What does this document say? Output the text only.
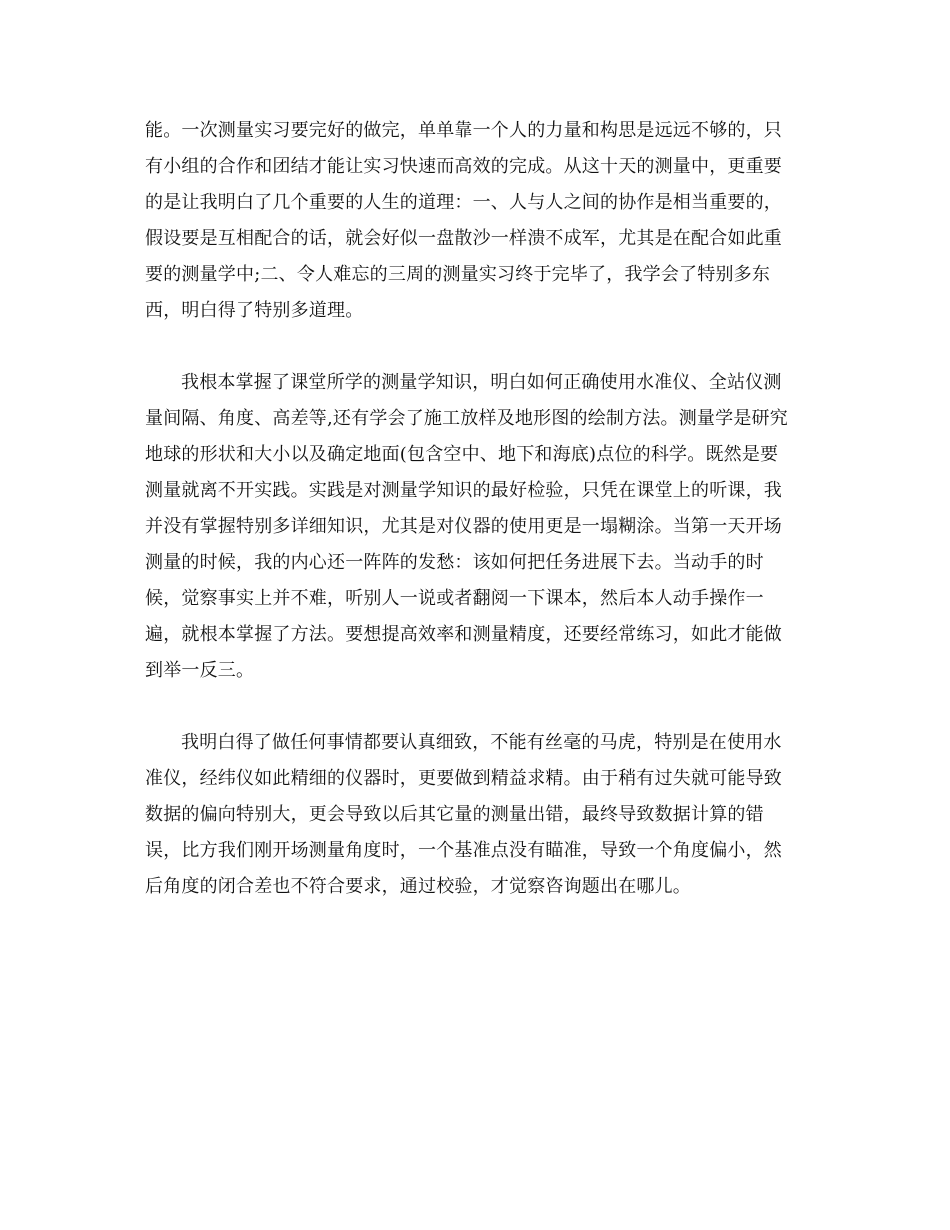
能。一次测量实习要完好的做完，单单靠一个人的力量和构思是远远不够的，只
有小组的合作和团结才能让实习快速而高效的完成。从这十天的测量中，更重要
的是让我明白了几个重要的人生的道理：一、人与人之间的协作是相当重要的，
假设要是互相配合的话，就会好似一盘散沙一样溃不成军，尤其是在配合如此重
要的测量学中;二、令人难忘的三周的测量实习终于完毕了，我学会了特别多东
西，明白得了特别多道理。
我根本掌握了课堂所学的测量学知识，明白如何正确使用水准仪、全站仪测
量间隔、角度、高差等,还有学会了施工放样及地形图的绘制方法。测量学是研究
地球的形状和大小以及确定地面(包含空中、地下和海底)点位的科学。既然是要
测量就离不开实践。实践是对测量学知识的最好检验，只凭在课堂上的听课，我
并没有掌握特别多详细知识，尤其是对仪器的使用更是一塌糊涂。当第一天开场
测量的时候，我的内心还一阵阵的发愁：该如何把任务进展下去。当动手的时
候，觉察事实上并不难，听别人一说或者翻阅一下课本，然后本人动手操作一
遍，就根本掌握了方法。要想提高效率和测量精度，还要经常练习，如此才能做
到举一反三。
我明白得了做任何事情都要认真细致，不能有丝毫的马虎，特别是在使用水
准仪，经纬仪如此精细的仪器时，更要做到精益求精。由于稍有过失就可能导致
数据的偏向特别大，更会导致以后其它量的测量出错，最终导致数据计算的错
误，比方我们刚开场测量角度时，一个基准点没有瞄准，导致一个角度偏小，然
后角度的闭合差也不符合要求，通过校验，才觉察咨询题出在哪儿。
